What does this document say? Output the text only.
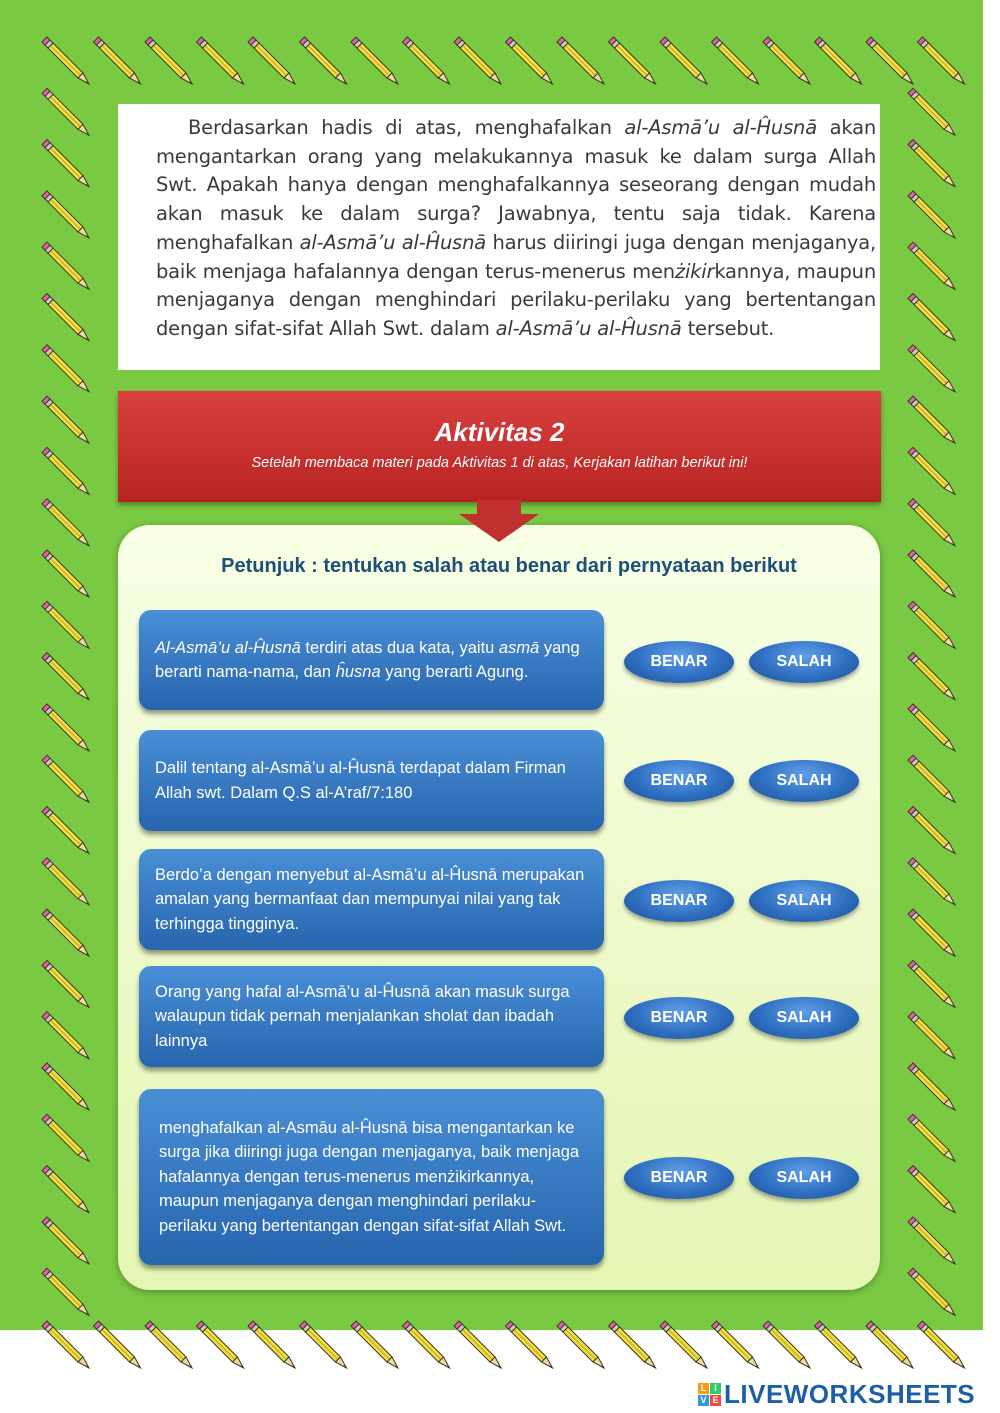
Berdasarkan hadis di atas, menghafalkan al-Asmā’u al-Ĥusnā akan mengantarkan orang yang melakukannya masuk ke dalam surga Allah Swt. Apakah hanya dengan menghafalkannya seseorang dengan mudah akan masuk ke dalam surga? Jawabnya, tentu saja tidak. Karena menghafalkan al-Asmā’u al-Ĥusnā harus diiringi juga dengan menjaganya, baik menjaga hafalannya dengan terus-menerus menżikirkannya, maupun menjaganya dengan menghindari perilaku-perilaku yang bertentangan dengan sifat-sifat Allah Swt. dalam al-Asmā’u al-Ĥusnā tersebut.

Aktivitas 2
Setelah membaca materi pada Aktivitas 1 di atas, Kerjakan latihan berikut ini!
Petunjuk : tentukan salah atau benar dari pernyataan berikut
Al-Asmā’u al-Ĥusnā terdiri atas dua kata, yaitu asmā yang berarti nama-nama, dan ĥusna yang berarti Agung.
BENAR	SALAH
Dalil tentang al-Asmā’u al-Ĥusnā terdapat dalam Firman Allah swt. Dalam Q.S al-A’raf/7:180
BENAR	SALAH
Berdo’a dengan menyebut al-Asmā’u al-Ĥusnā merupakan amalan yang bermanfaat dan mempunyai nilai yang tak terhingga tingginya.
BENAR	SALAH
Orang yang hafal al-Asmā’u al-Ĥusnā akan masuk surga walaupun tidak pernah menjalankan sholat dan ibadah lainnya
BENAR	SALAH
menghafalkan al-Asmāu al-Ĥusnā bisa mengantarkan ke surga jika diiringi juga dengan menjaganya, baik menjaga hafalannya dengan terus-menerus menżikirkannya, maupun menjaganya dengan menghindari perilaku-perilaku yang bertentangan dengan sifat-sifat Allah Swt.
BENAR	SALAH
L I
V E LIVEWORKSHEETS
